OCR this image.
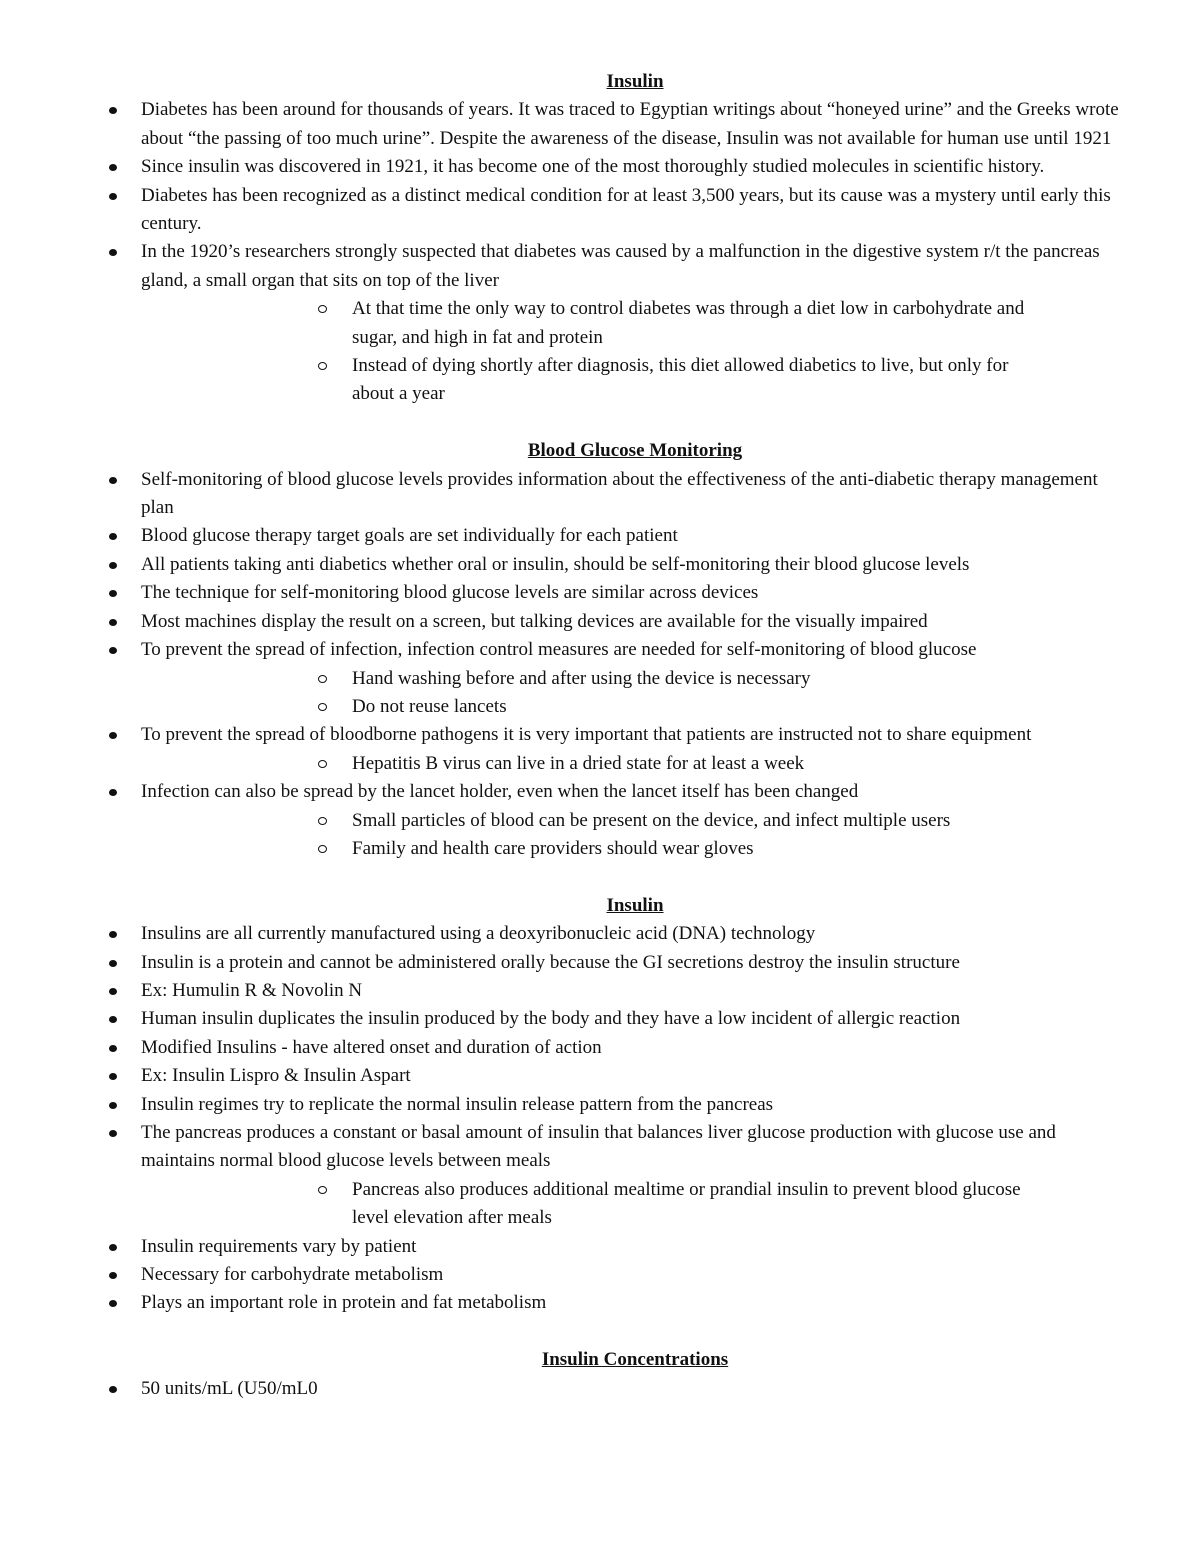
Insulin
Diabetes has been around for thousands of years. It was traced to Egyptian writings about “honeyed urine” and the Greeks wrote about “the passing of too much urine”. Despite the awareness of the disease, Insulin was not available for human use until 1921
Since insulin was discovered in 1921, it has become one of the most thoroughly studied molecules in scientific history.
Diabetes has been recognized as a distinct medical condition for at least 3,500 years, but its cause was a mystery until early this century.
In the 1920’s researchers strongly suspected that diabetes was caused by a malfunction in the digestive system r/t the pancreas gland, a small organ that sits on top of the liver
At that time the only way to control diabetes was through a diet low in carbohydrate and sugar, and high in fat and protein
Instead of dying shortly after diagnosis, this diet allowed diabetics to live, but only for about a year
Blood Glucose Monitoring
Self-monitoring of blood glucose levels provides information about the effectiveness of the anti-diabetic therapy management plan
Blood glucose therapy target goals are set individually for each patient
All patients taking anti diabetics whether oral or insulin, should be self-monitoring their blood glucose levels
The technique for self-monitoring blood glucose levels are similar across devices
Most machines display the result on a screen, but talking devices are available for the visually impaired
To prevent the spread of infection, infection control measures are needed for self-monitoring of blood glucose
Hand washing before and after using the device is necessary
Do not reuse lancets
To prevent the spread of bloodborne pathogens it is very important that patients are instructed not to share equipment
Hepatitis B virus can live in a dried state for at least a week
Infection can also be spread by the lancet holder, even when the lancet itself has been changed
Small particles of blood can be present on the device, and infect multiple users
Family and health care providers should wear gloves
Insulin
Insulins are all currently manufactured using a deoxyribonucleic acid (DNA) technology
Insulin is a protein and cannot be administered orally because the GI secretions destroy the insulin structure
Ex: Humulin R & Novolin N
Human insulin duplicates the insulin produced by the body and they have a low incident of allergic reaction
Modified Insulins - have altered onset and duration of action
Ex: Insulin Lispro & Insulin Aspart
Insulin regimes try to replicate the normal insulin release pattern from the pancreas
The pancreas produces a constant or basal amount of insulin that balances liver glucose production with glucose use and maintains normal blood glucose levels between meals
Pancreas also produces additional mealtime or prandial insulin to prevent blood glucose level elevation after meals
Insulin requirements vary by patient
Necessary for carbohydrate metabolism
Plays an important role in protein and fat metabolism
Insulin Concentrations
50 units/mL (U50/mL0
